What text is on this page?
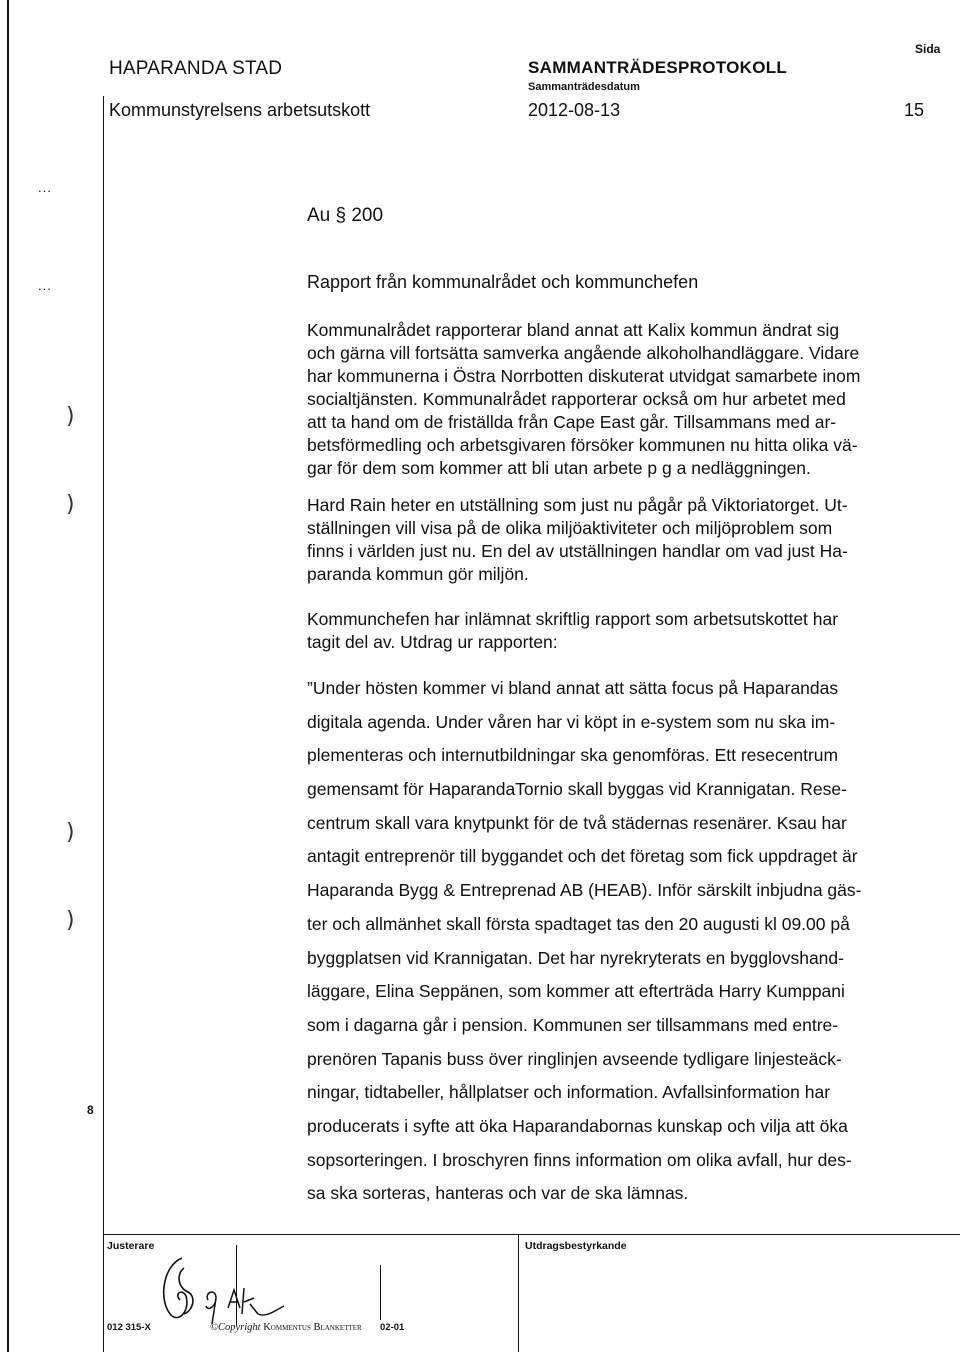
HAPARANDA STAD
Kommunstyrelsens arbetsutskott
SAMMANTRÄDESPROTOKOLL
Sammanträdesdatum
2012-08-13
Sida
15
...
...
)
)
)
)
8
Au § 200
Rapport från kommunalrådet och kommunchefen

Kommunalrådet rapporterar bland annat att Kalix kommun ändrat sig

och gärna vill fortsätta samverka angående alkoholhandläggare. Vidare

har kommunerna i Östra Norrbotten diskuterat utvidgat samarbete inom

socialtjänsten. Kommunalrådet rapporterar också om hur arbetet med

att ta hand om de friställda från Cape East går. Tillsammans med ar-

betsförmedling och arbetsgivaren försöker kommunen nu hitta olika vä-

gar för dem som kommer att bli utan arbete p g a nedläggningen.

Hard Rain heter en utställning som just nu pågår på Viktoriatorget. Ut-

ställningen vill visa på de olika miljöaktiviteter och miljöproblem som

finns i världen just nu. En del av utställningen handlar om vad just Ha-

paranda kommun gör miljön.

Kommunchefen har inlämnat skriftlig rapport som arbetsutskottet har

tagit del av. Utdrag ur rapporten:

”Under hösten kommer vi bland annat att sätta focus på Haparandas

digitala agenda. Under våren har vi köpt in e-system som nu ska im-

plementeras och internutbildningar ska genomföras. Ett resecentrum

gemensamt för HaparandaTornio skall byggas vid Krannigatan. Rese-

centrum skall vara knytpunkt för de två städernas resenärer. Ksau har

antagit entreprenör till byggandet och det företag som fick uppdraget är

Haparanda Bygg & Entreprenad AB (HEAB). Inför särskilt inbjudna gäs-

ter och allmänhet skall första spadtaget tas den 20 augusti kl 09.00 på

byggplatsen vid Krannigatan. Det har nyrekryterats en bygglovshand-

läggare, Elina Seppänen, som kommer att efterträda Harry Kumppani

som i dagarna går i pension. Kommunen ser tillsammans med entre-

prenören Tapanis buss över ringlinjen avseende tydligare linjesteäck-

ningar, tidtabeller, hållplatser och information. Avfallsinformation har

producerats i syfte att öka Haparandabornas kunskap och vilja att öka

sopsorteringen. I broschyren finns information om olika avfall, hur des-

sa ska sorteras, hanteras och var de ska lämnas.

Justerare	Utdragsbestyrkande
012 315-X	©Copyright Kommentus Blanketter 02-01
